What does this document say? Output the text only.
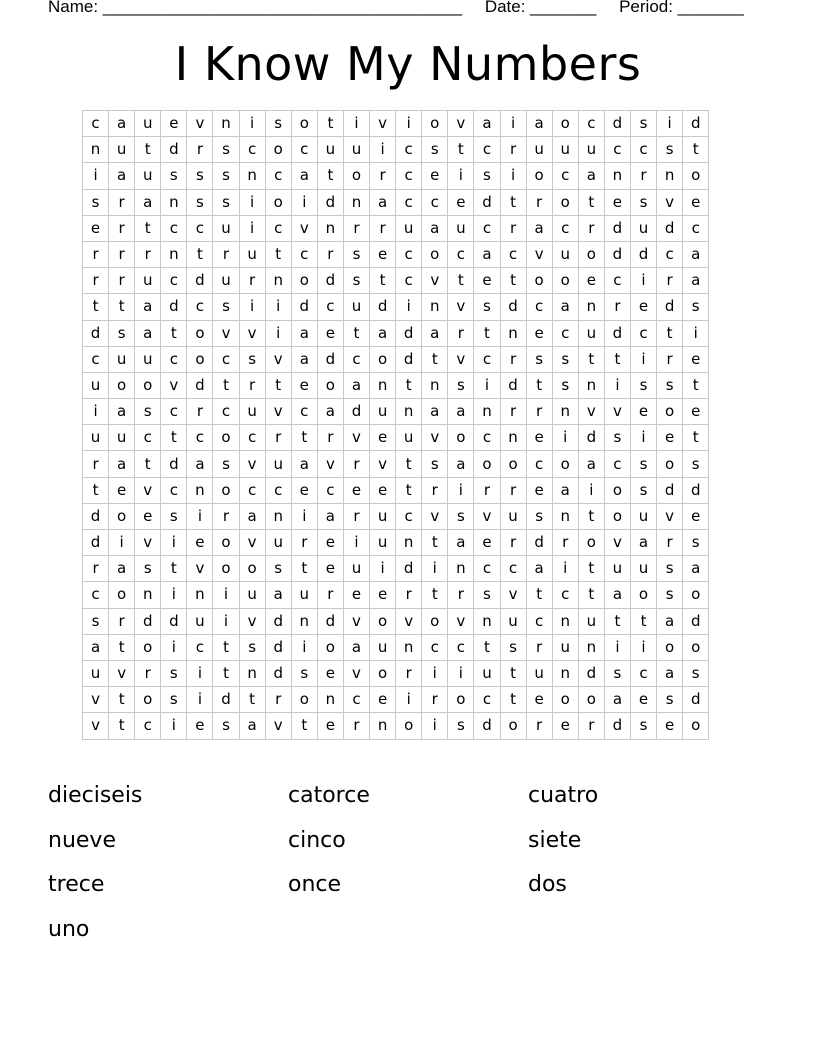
Name: ______________________________________ Date: _______ Period: _______
I Know My Numbers
c	a	u	e	v	n	i	s	o	t	i	v	i	o	v	a	i	a	o	c	d	s	i	d
n	u	t	d	r	s	c	o	c	u	u	i	c	s	t	c	r	u	u	u	c	c	s	t
i	a	u	s	s	s	n	c	a	t	o	r	c	e	i	s	i	o	c	a	n	r	n	o
s	r	a	n	s	s	i	o	i	d	n	a	c	c	e	d	t	r	o	t	e	s	v	e
e	r	t	c	c	u	i	c	v	n	r	r	u	a	u	c	r	a	c	r	d	u	d	c
r	r	r	n	t	r	u	t	c	r	s	e	c	o	c	a	c	v	u	o	d	d	c	a
r	r	u	c	d	u	r	n	o	d	s	t	c	v	t	e	t	o	o	e	c	i	r	a
t	t	a	d	c	s	i	i	d	c	u	d	i	n	v	s	d	c	a	n	r	e	d	s
d	s	a	t	o	v	v	i	a	e	t	a	d	a	r	t	n	e	c	u	d	c	t	i
c	u	u	c	o	c	s	v	a	d	c	o	d	t	v	c	r	s	s	t	t	i	r	e
u	o	o	v	d	t	r	t	e	o	a	n	t	n	s	i	d	t	s	n	i	s	s	t
i	a	s	c	r	c	u	v	c	a	d	u	n	a	a	n	r	r	n	v	v	e	o	e
u	u	c	t	c	o	c	r	t	r	v	e	u	v	o	c	n	e	i	d	s	i	e	t
r	a	t	d	a	s	v	u	a	v	r	v	t	s	a	o	o	c	o	a	c	s	o	s
t	e	v	c	n	o	c	c	e	c	e	e	t	r	i	r	r	e	a	i	o	s	d	d
d	o	e	s	i	r	a	n	i	a	r	u	c	v	s	v	u	s	n	t	o	u	v	e
d	i	v	i	e	o	v	u	r	e	i	u	n	t	a	e	r	d	r	o	v	a	r	s
r	a	s	t	v	o	o	s	t	e	u	i	d	i	n	c	c	a	i	t	u	u	s	a
c	o	n	i	n	i	u	a	u	r	e	e	r	t	r	s	v	t	c	t	a	o	s	o
s	r	d	d	u	i	v	d	n	d	v	o	v	o	v	n	u	c	n	u	t	t	a	d
a	t	o	i	c	t	s	d	i	o	a	u	n	c	c	t	s	r	u	n	i	i	o	o
u	v	r	s	i	t	n	d	s	e	v	o	r	i	i	u	t	u	n	d	s	c	a	s
v	t	o	s	i	d	t	r	o	n	c	e	i	r	o	c	t	e	o	o	a	e	s	d
v	t	c	i	e	s	a	v	t	e	r	n	o	i	s	d	o	r	e	r	d	s	e	o
dieciseis	catorce	cuatro
nueve	cinco	siete
trece	once	dos
uno
